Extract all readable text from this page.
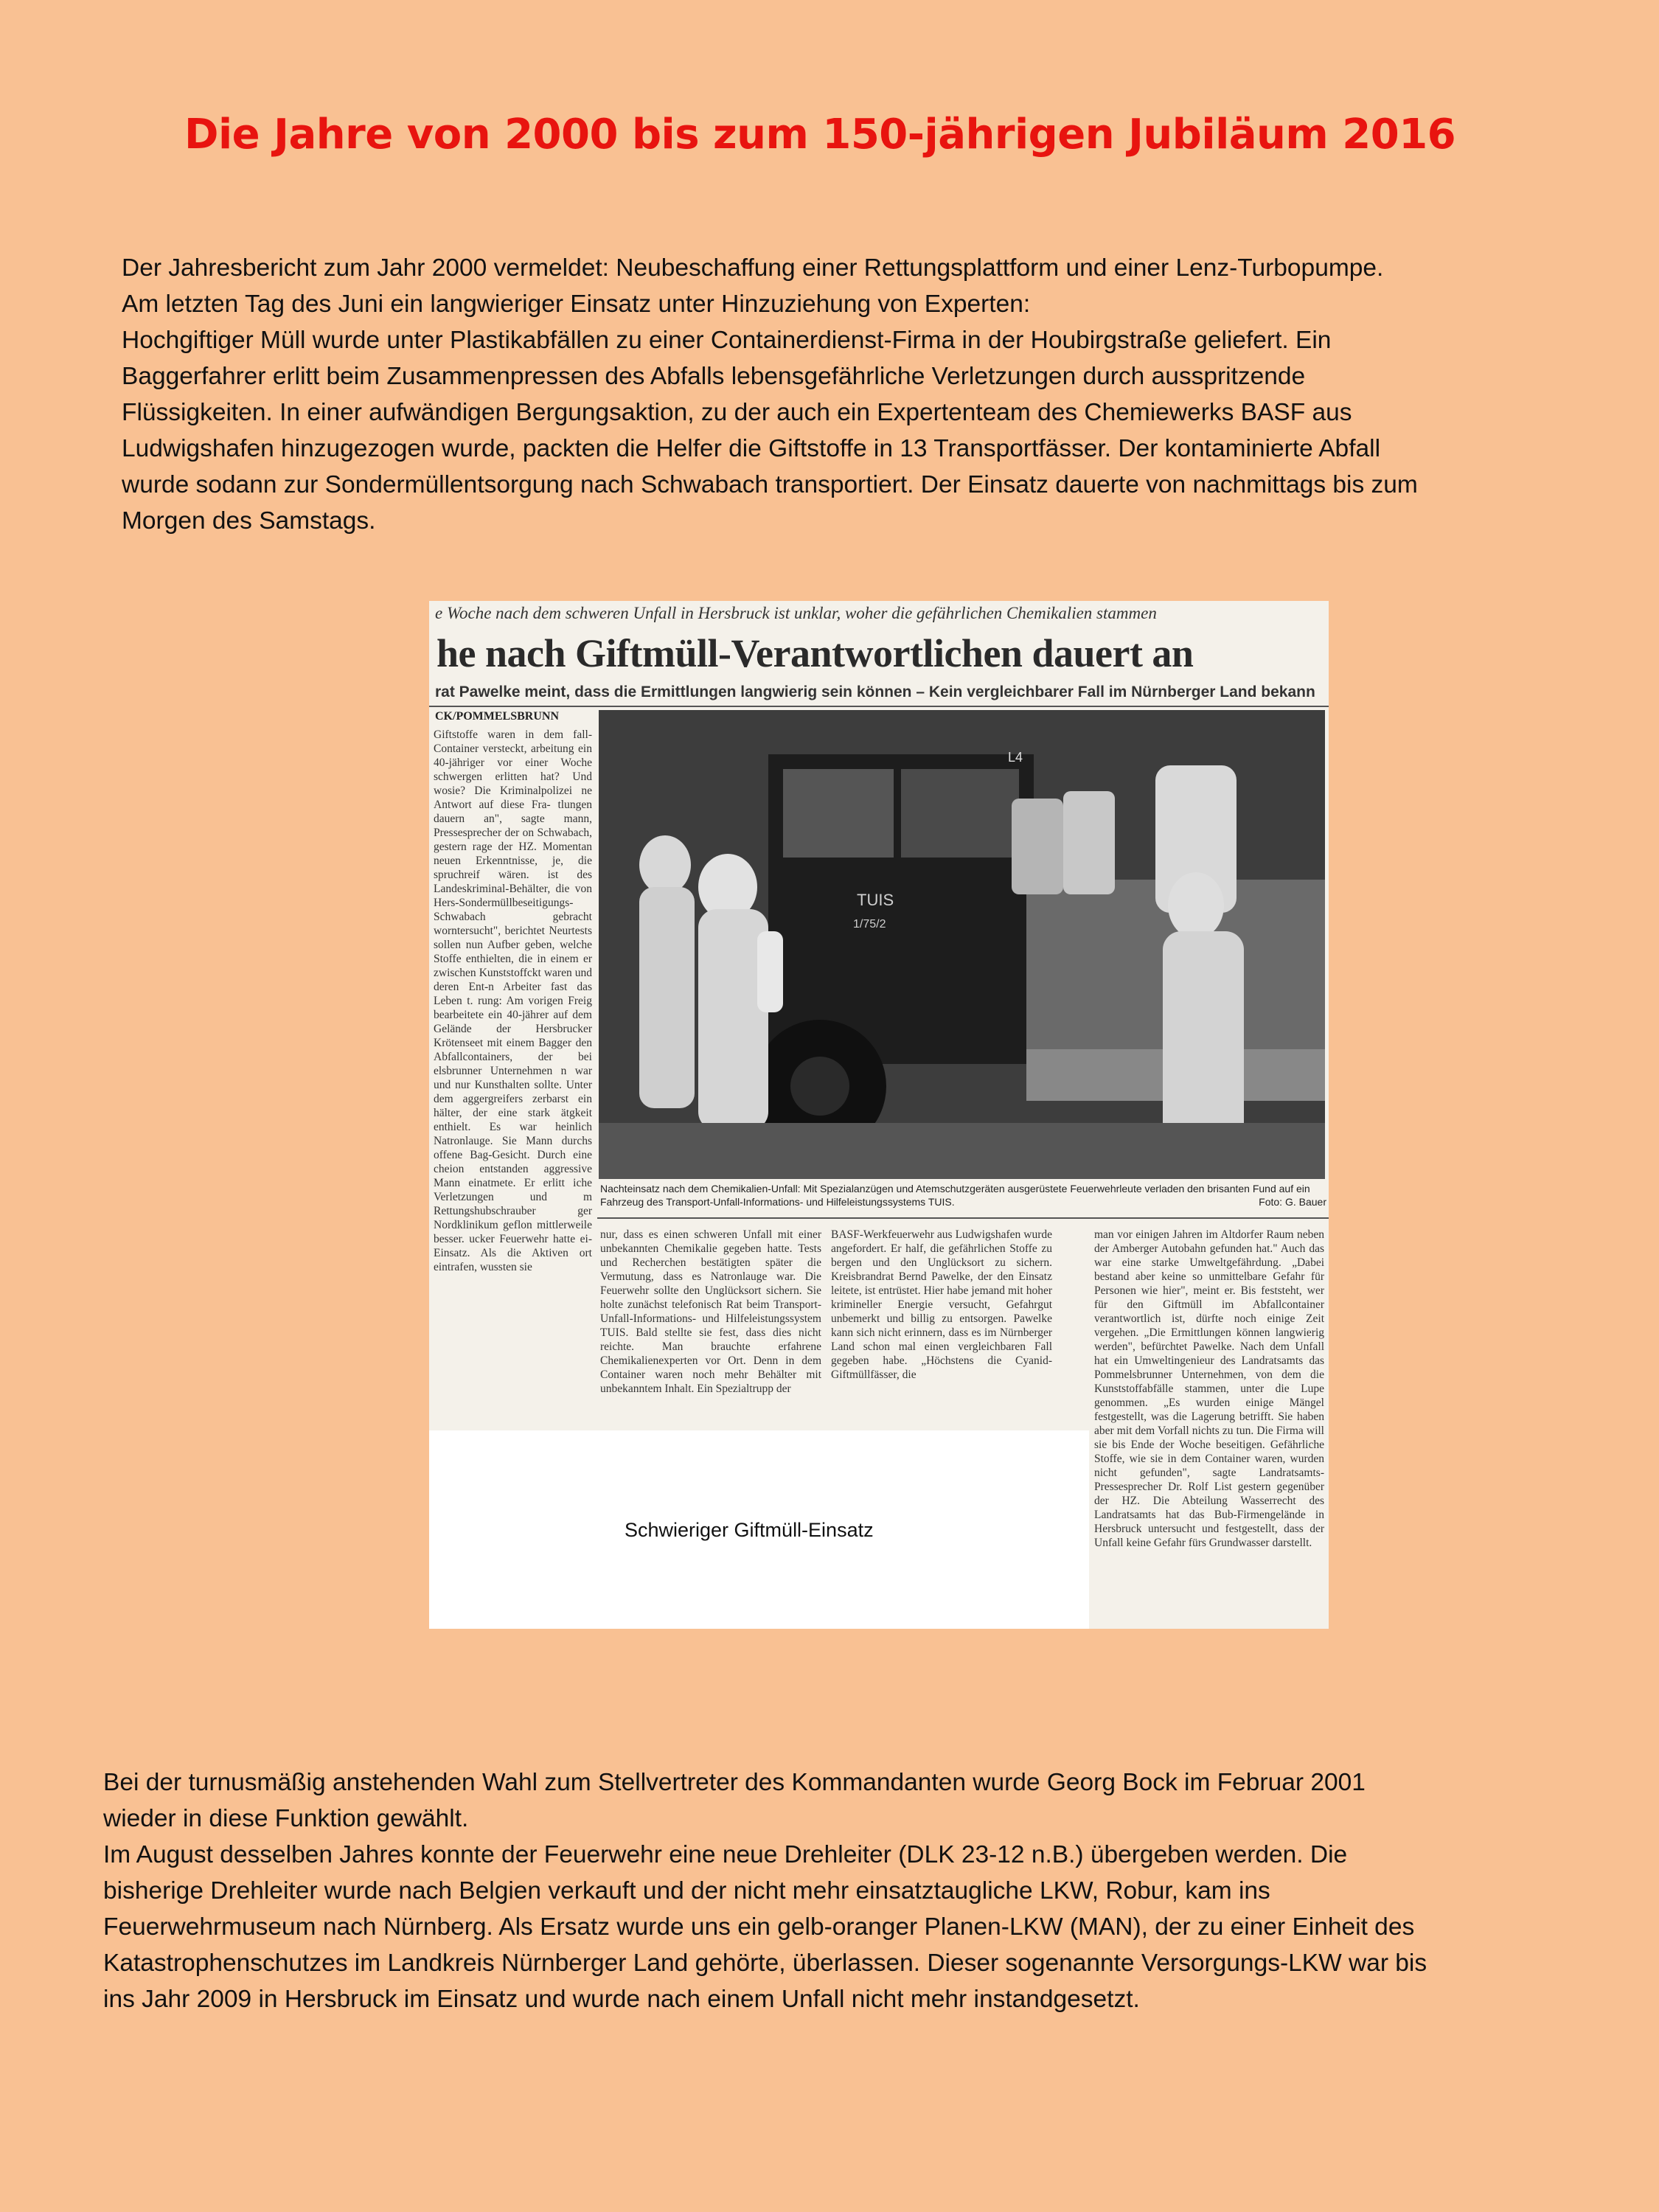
Die Jahre von 2000 bis zum 150-jährigen Jubiläum 2016
Der Jahresbericht zum Jahr 2000 vermeldet: Neubeschaffung einer Rettungsplattform und einer Lenz-Turbopumpe.
Am letzten Tag des Juni ein langwieriger Einsatz unter Hinzuziehung von Experten:
Hochgiftiger Müll wurde unter Plastikabfällen zu einer Containerdienst-Firma in der Houbirgstraße geliefert. Ein
Baggerfahrer erlitt beim Zusammenpressen des Abfalls lebensgefährliche Verletzungen durch ausspritzende
Flüssigkeiten. In einer aufwändigen Bergungsaktion, zu der auch ein Expertenteam des Chemiewerks BASF aus
Ludwigshafen hinzugezogen wurde, packten die Helfer die Giftstoffe in 13 Transportfässer. Der kontaminierte Abfall
wurde sodann zur Sondermüllentsorgung nach Schwabach transportiert. Der Einsatz dauerte von nachmittags bis zum
Morgen des Samstags.
e Woche nach dem schweren Unfall in Hersbruck ist unklar, woher die gefährlichen Chemikalien stammen
he nach Giftmüll-Verantwortlichen dauert an
rat Pawelke meint, dass die Ermittlungen langwierig sein können – Kein vergleichbarer Fall im Nürnberger Land bekann
CK/POMMELSBRUNN
Giftstoffe waren in dem fall-Container versteckt, arbeitung ein 40-jähriger vor einer Woche schwergen erlitten hat? Und wosie? Die Kriminalpolizei ne Antwort auf diese Fra- tlungen dauern an", sagte mann, Pressesprecher der on Schwabach, gestern rage der HZ. Momentan neuen Erkenntnisse, je, die spruchreif wären. ist des Landeskriminal-Behälter, die von Hers-Sondermüllbeseitigungs-Schwabach gebracht worntersucht", berichtet Neurtests sollen nun Aufber geben, welche Stoffe enthielten, die in einem er zwischen Kunststoffckt waren und deren Ent-n Arbeiter fast das Leben t. rung: Am vorigen Freig bearbeitete ein 40-jährer auf dem Gelände der Hersbrucker Krötenseet mit einem Bagger den Abfallcontainers, der bei elsbrunner Unternehmen n war und nur Kunsthalten sollte. Unter dem aggergreifers zerbarst ein hälter, der eine stark ätgkeit enthielt. Es war heinlich Natronlauge. Sie Mann durchs offene Bag-Gesicht. Durch eine cheion entstanden aggressive Mann einatmete. Er erlitt iche Verletzungen und m Rettungshubschrauber ger Nordklinikum geflon mittlerweile besser. ucker Feuerwehr hatte ei-Einsatz. Als die Aktiven ort eintrafen, wussten sie
TUIS
1/75/2
L4
Nachteinsatz nach dem Chemikalien-Unfall: Mit Spezialanzügen und Atemschutzgeräten ausgerüstete Feuerwehrleute verladen den brisanten Fund auf ein Fahrzeug des Transport-Unfall-Informations- und Hilfeleistungssystems TUIS.	Foto: G. Bauer
nur, dass es einen schweren Unfall mit einer unbekannten Chemikalie gegeben hatte. Tests und Recherchen bestätigten später die Vermutung, dass es Natronlauge war. Die Feuerwehr sollte den Unglücksort sichern. Sie holte zunächst telefonisch Rat beim Transport-Unfall-Informations- und Hilfeleistungssystem TUIS. Bald stellte sie fest, dass dies nicht reichte. Man brauchte erfahrene Chemikalienexperten vor Ort. Denn in dem Container waren noch mehr Behälter mit unbekanntem Inhalt. Ein Spezialtrupp der
BASF-Werkfeuerwehr aus Ludwigshafen wurde angefordert. Er half, die gefährlichen Stoffe zu bergen und den Unglücksort zu sichern. Kreisbrandrat Bernd Pawelke, der den Einsatz leitete, ist entrüstet. Hier habe jemand mit hoher krimineller Energie versucht, Gefahrgut unbemerkt und billig zu entsorgen. Pawelke kann sich nicht erinnern, dass es im Nürnberger Land schon mal einen vergleichbaren Fall gegeben habe. „Höchstens die Cyanid-Giftmüllfässer, die
man vor einigen Jahren im Altdorfer Raum neben der Amberger Autobahn gefunden hat." Auch das war eine starke Umweltgefährdung. „Dabei bestand aber keine so unmittelbare Gefahr für Personen wie hier", meint er. Bis feststeht, wer für den Giftmüll im Abfallcontainer verantwortlich ist, dürfte noch einige Zeit vergehen. „Die Ermittlungen können langwierig werden", befürchtet Pawelke. Nach dem Unfall hat ein Umweltingenieur des Landratsamts das Pommelsbrunner Unternehmen, von dem die Kunststoffabfälle stammen, unter die Lupe genommen. „Es wurden einige Mängel festgestellt, was die Lagerung betrifft. Sie haben aber mit dem Vorfall nichts zu tun. Die Firma will sie bis Ende der Woche beseitigen. Gefährliche Stoffe, wie sie in dem Container waren, wurden nicht gefunden", sagte Landratsamts-Pressesprecher Dr. Rolf List gestern gegenüber der HZ. Die Abteilung Wasserrecht des Landratsamts hat das Bub-Firmengelände in Hersbruck untersucht und festgestellt, dass der Unfall keine Gefahr fürs Grundwasser darstellt.
Schwieriger Giftmüll-Einsatz
Bei der turnusmäßig anstehenden Wahl zum Stellvertreter des Kommandanten wurde Georg Bock im Februar 2001
wieder in diese Funktion gewählt.
Im August desselben Jahres konnte der Feuerwehr eine neue Drehleiter (DLK 23-12 n.B.) übergeben werden. Die
bisherige Drehleiter wurde nach Belgien verkauft und der nicht mehr einsatztaugliche LKW, Robur, kam ins
Feuerwehrmuseum nach Nürnberg. Als Ersatz wurde uns ein gelb-oranger Planen-LKW (MAN), der zu einer Einheit des
Katastrophenschutzes im Landkreis Nürnberger Land gehörte, überlassen. Dieser sogenannte Versorgungs-LKW war bis
ins Jahr 2009 in Hersbruck im Einsatz und wurde nach einem Unfall nicht mehr instandgesetzt.
